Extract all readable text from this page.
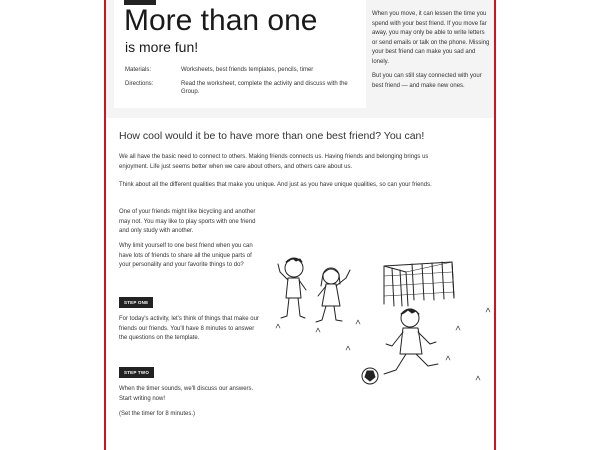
More than one
is more fun!
Materials:	Worksheets, best friends templates, pencils, timer
Directions:	Read the worksheet, complete the activity and discuss with the Group.

When you move, it can lessen the time you spend with your best friend. If you move far away, you may only be able to write letters or send emails or talk on the phone. Missing your best friend can make you sad and lonely.

But you can still stay connected with your best friend — and make new ones.

How cool would it be to have more than one best friend? You can!

We all have the basic need to connect to others. Making friends connects us. Having friends and belonging brings us enjoyment. Life just seems better when we care about others, and others care about us.

Think about all the different qualities that make you unique. And just as you have unique qualities, so can your friends.

One of your friends might like bicycling and another may not. You may like to play sports with one friend and only study with another.

Why limit yourself to one best friend when you can have lots of friends to share all the unique parts of your personality and your favorite things to do?

STEP ONE

For today's activity, let's think of things that make our friends our friends. You'll have 8 minutes to answer the questions on the template.

STEP TWO

When the timer sounds, we'll discuss our answers. Start writing now!

(Set the timer for 8 minutes.)
